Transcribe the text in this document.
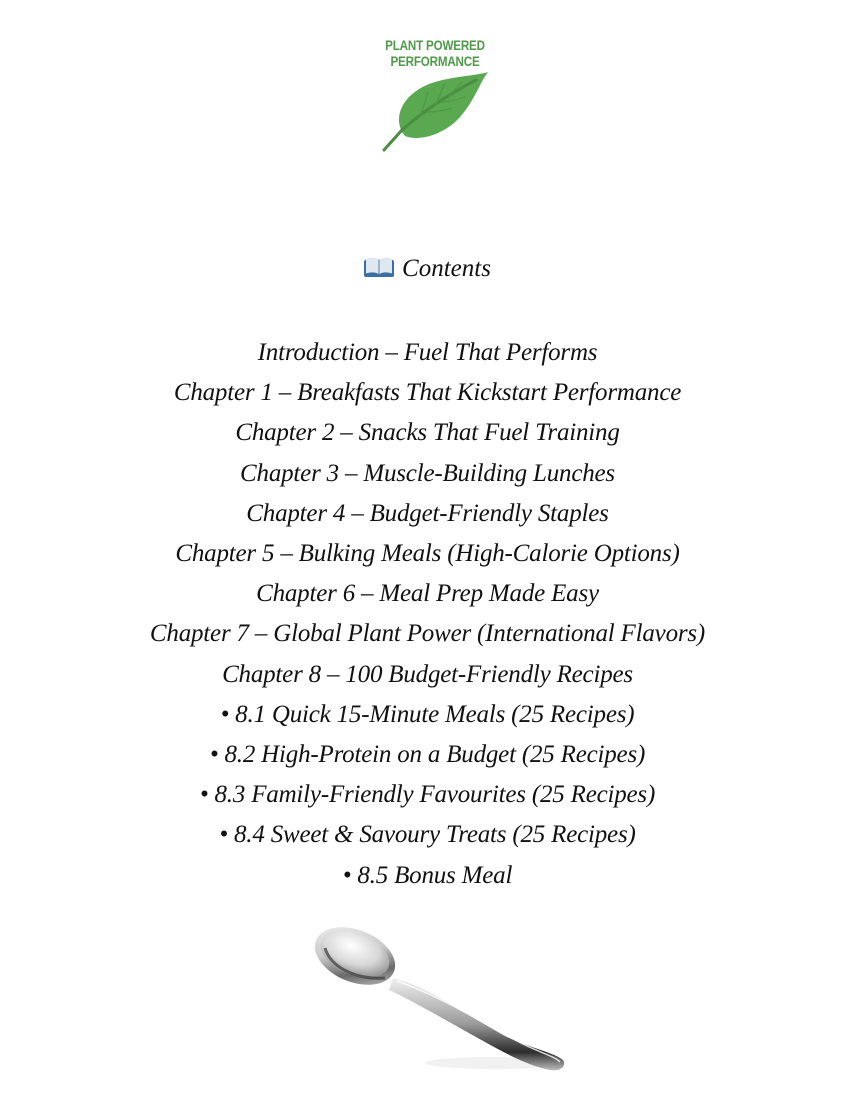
PLANT POWERED
PERFORMANCE
Contents
Introduction – Fuel That Performs
Chapter 1 – Breakfasts That Kickstart Performance
Chapter 2 – Snacks That Fuel Training
Chapter 3 – Muscle-Building Lunches
Chapter 4 – Budget-Friendly Staples
Chapter 5 – Bulking Meals (High-Calorie Options)
Chapter 6 – Meal Prep Made Easy
Chapter 7 – Global Plant Power (International Flavors)
Chapter 8 – 100 Budget-Friendly Recipes
• 8.1 Quick 15-Minute Meals (25 Recipes)
• 8.2 High-Protein on a Budget (25 Recipes)
• 8.3 Family-Friendly Favourites (25 Recipes)
• 8.4 Sweet & Savoury Treats (25 Recipes)
• 8.5 Bonus Meal
